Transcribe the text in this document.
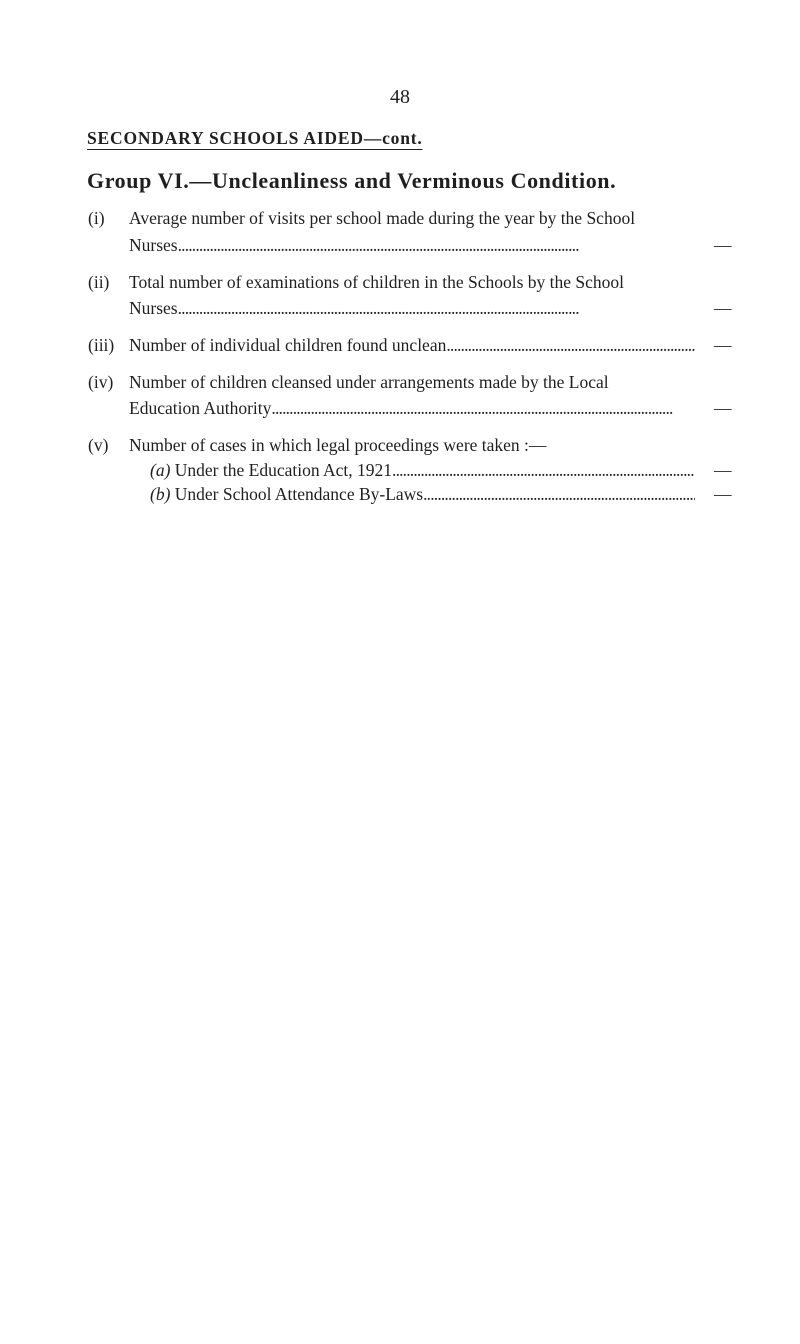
48
SECONDARY SCHOOLS AIDED—cont.
Group VI.—Uncleanliness and Verminous Condition.
(i) Average number of visits per school made during the year by the School
Nurses . . .	—
(ii) Total number of examinations of children in the Schools by the School
Nurses . . .	—
(iii) Number of individual children found unclean . . .	—
(iv) Number of children cleansed under arrangements made by the Local
Education Authority . . .	—
(v) Number of cases in which legal proceedings were taken :—
(a)
Under the Education Act, 1921 . . .	—
(b)
Under School Attendance By-Laws . . .	—
